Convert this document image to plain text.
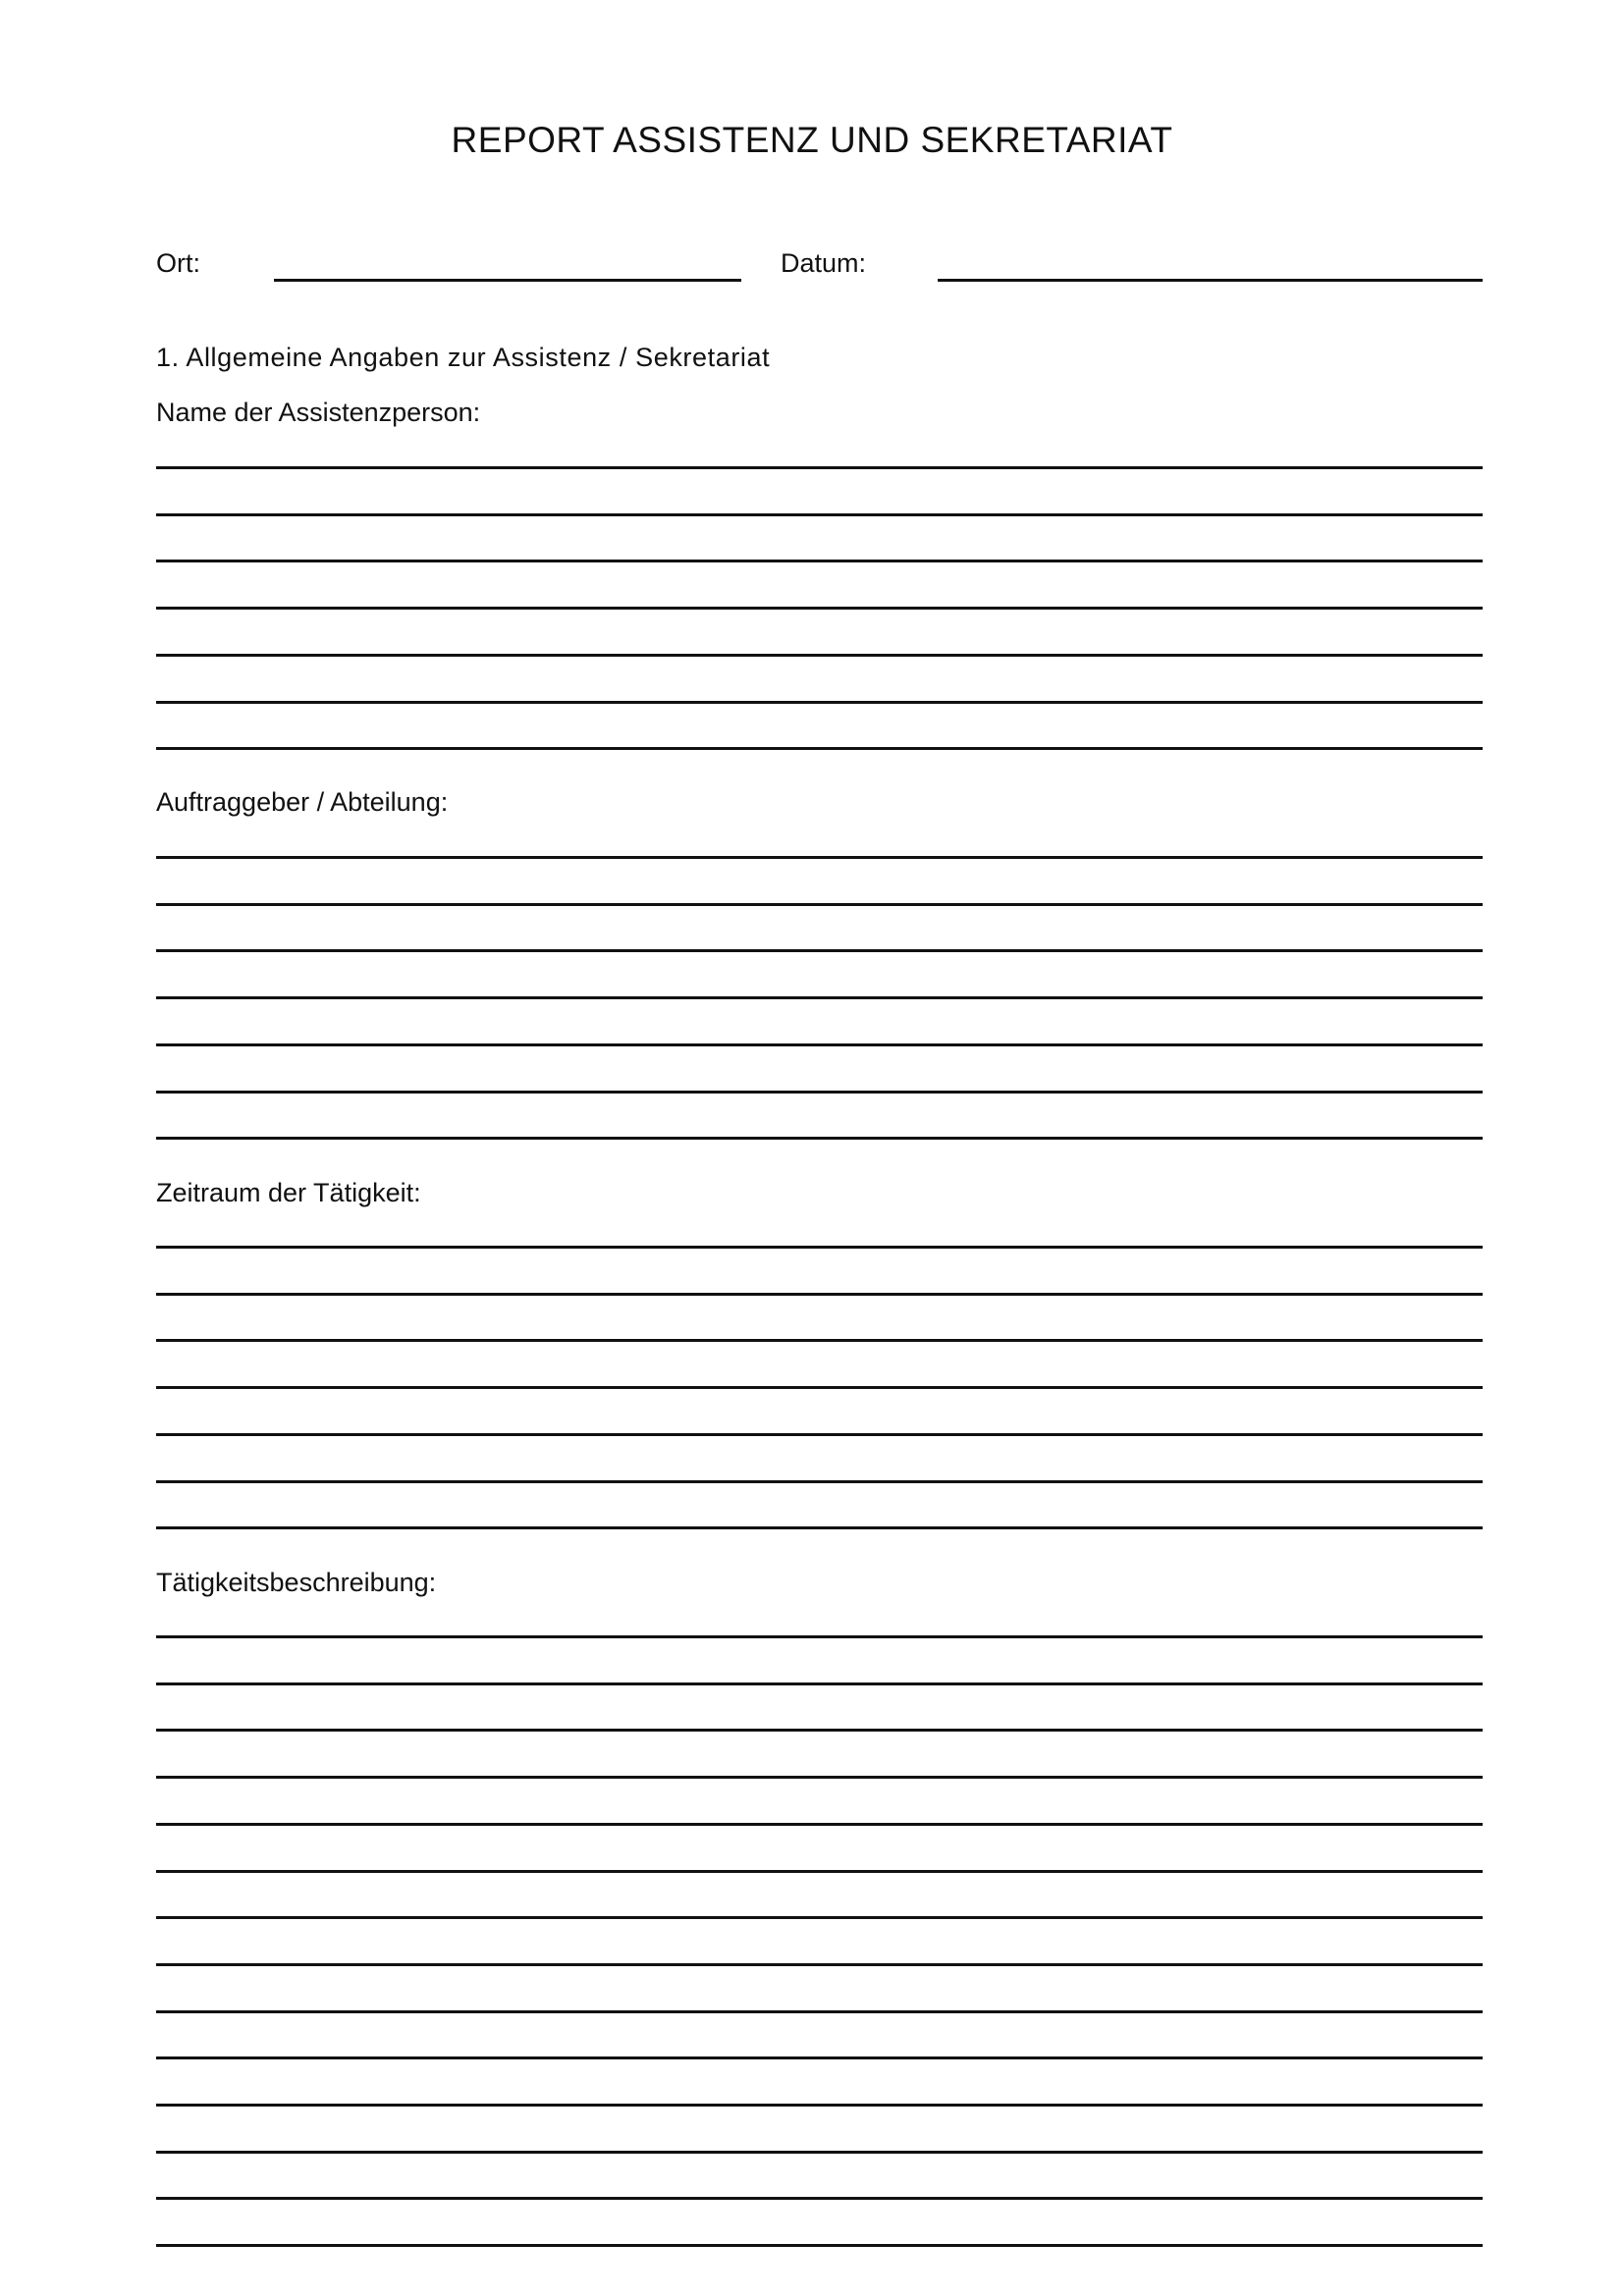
REPORT ASSISTENZ UND SEKRETARIAT

Ort:	Datum:

1. Allgemeine Angaben zur Assistenz / Sekretariat

Name der Assistenzperson:

Auftraggeber / Abteilung:

Zeitraum der Tätigkeit:

Tätigkeitsbeschreibung:
